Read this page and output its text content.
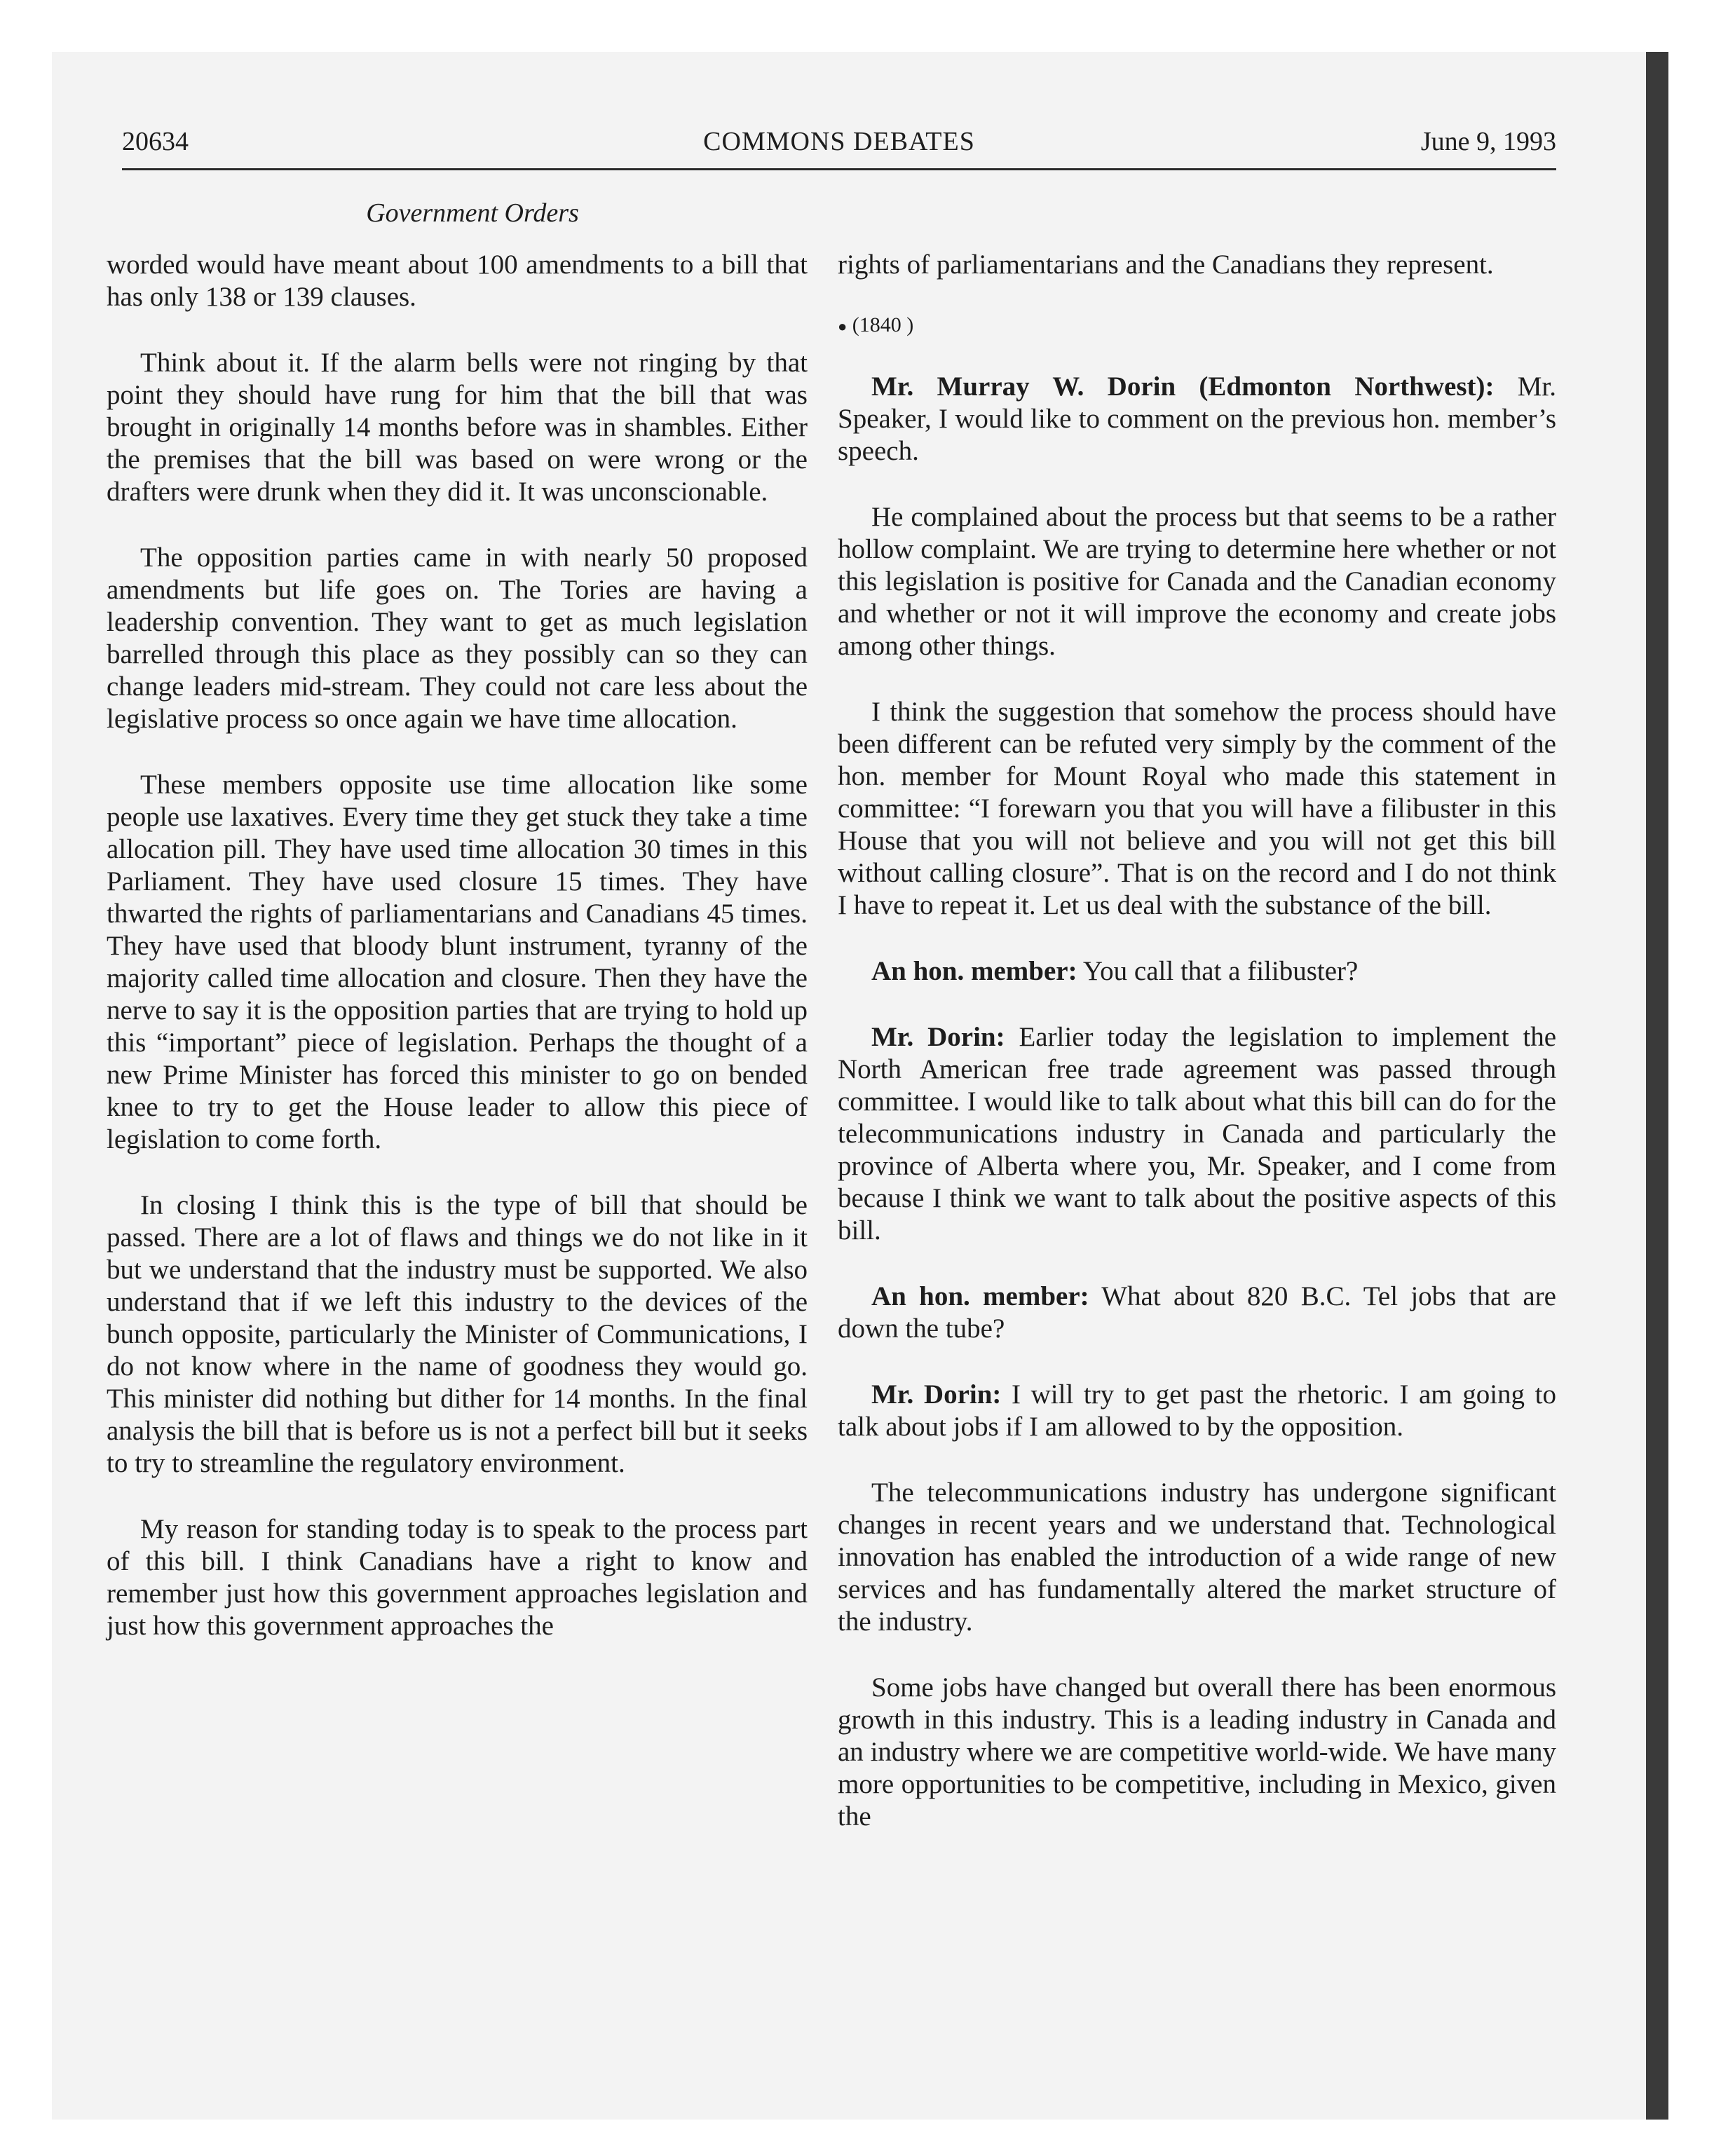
20634	COMMONS DEBATES	June 9, 1993
Government Orders

worded would have meant about 100 amendments to a bill that has only 138 or 139 clauses.

Think about it. If the alarm bells were not ringing by that point they should have rung for him that the bill that was brought in originally 14 months before was in shambles. Either the premises that the bill was based on were wrong or the drafters were drunk when they did it. It was unconscionable.

The opposition parties came in with nearly 50 proposed amendments but life goes on. The Tories are having a leadership convention. They want to get as much legislation barrelled through this place as they possibly can so they can change leaders mid-stream. They could not care less about the legislative process so once again we have time allocation.

These members opposite use time allocation like some people use laxatives. Every time they get stuck they take a time allocation pill. They have used time allocation 30 times in this Parliament. They have used closure 15 times. They have thwarted the rights of parliamentarians and Canadians 45 times. They have used that bloody blunt instrument, tyranny of the majority called time allocation and closure. Then they have the nerve to say it is the opposition parties that are trying to hold up this “important” piece of legislation. Perhaps the thought of a new Prime Minister has forced this minister to go on bended knee to try to get the House leader to allow this piece of legislation to come forth.

In closing I think this is the type of bill that should be passed. There are a lot of flaws and things we do not like in it but we understand that the industry must be supported. We also understand that if we left this industry to the devices of the bunch opposite, particularly the Minister of Communications, I do not know where in the name of goodness they would go. This minister did nothing but dither for 14 months. In the final analysis the bill that is before us is not a perfect bill but it seeks to try to streamline the regulatory environment.

My reason for standing today is to speak to the process part of this bill. I think Canadians have a right to know and remember just how this government approaches legislation and just how this government approaches the

rights of parliamentarians and the Canadians they represent.

● (1840 )

Mr. Murray W. Dorin (Edmonton Northwest): Mr. Speaker, I would like to comment on the previous hon. member’s speech.

He complained about the process but that seems to be a rather hollow complaint. We are trying to determine here whether or not this legislation is positive for Canada and the Canadian economy and whether or not it will improve the economy and create jobs among other things.

I think the suggestion that somehow the process should have been different can be refuted very simply by the comment of the hon. member for Mount Royal who made this statement in committee: “I forewarn you that you will have a filibuster in this House that you will not believe and you will not get this bill without calling closure”. That is on the record and I do not think I have to repeat it. Let us deal with the substance of the bill.

An hon. member: You call that a filibuster?

Mr. Dorin: Earlier today the legislation to implement the North American free trade agreement was passed through committee. I would like to talk about what this bill can do for the telecommunications industry in Canada and particularly the province of Alberta where you, Mr. Speaker, and I come from because I think we want to talk about the positive aspects of this bill.

An hon. member: What about 820 B.C. Tel jobs that are down the tube?

Mr. Dorin: I will try to get past the rhetoric. I am going to talk about jobs if I am allowed to by the opposition.

The telecommunications industry has undergone significant changes in recent years and we understand that. Technological innovation has enabled the introduction of a wide range of new services and has fundamentally altered the market structure of the industry.

Some jobs have changed but overall there has been enormous growth in this industry. This is a leading industry in Canada and an industry where we are competitive world-wide. We have many more opportunities to be competitive, including in Mexico, given the
